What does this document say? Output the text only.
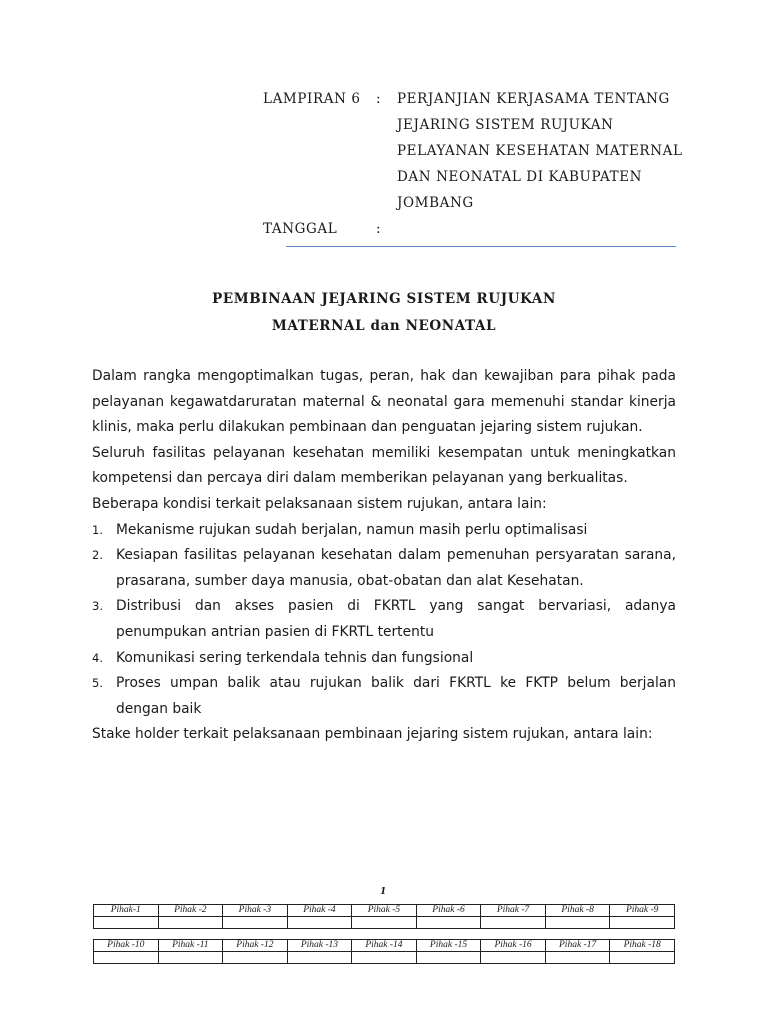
LAMPIRAN 6 : PERJANJIAN KERJASAMA TENTANG
JEJARING SISTEM RUJUKAN
PELAYANAN KESEHATAN MATERNAL
DAN NEONATAL DI KABUPATEN
JOMBANG
TANGGAL	:
PEMBINAAN JEJARING SISTEM RUJUKAN
MATERNAL dan NEONATAL

Dalam rangka mengoptimalkan tugas, peran, hak dan kewajiban para pihak pada pelayanan kegawatdaruratan maternal & neonatal gara memenuhi standar kinerja klinis, maka perlu dilakukan pembinaan dan penguatan jejaring sistem rujukan.

Seluruh fasilitas pelayanan kesehatan memiliki kesempatan untuk meningkatkan kompetensi dan percaya diri dalam memberikan pelayanan yang berkualitas.

Beberapa kondisi terkait pelaksanaan sistem rujukan, antara lain:

1. Mekanisme rujukan sudah berjalan, namun masih perlu optimalisasi
2. Kesiapan fasilitas pelayanan kesehatan dalam pemenuhan persyaratan sarana, prasarana, sumber daya manusia, obat-obatan dan alat Kesehatan.
3. Distribusi dan akses pasien di FKRTL yang sangat bervariasi, adanya penumpukan antrian pasien di FKRTL tertentu
4. Komunikasi sering terkendala tehnis dan fungsional
5. Proses umpan balik atau rujukan balik dari FKRTL ke FKTP belum berjalan dengan baik

Stake holder terkait pelaksanaan pembinaan jejaring sistem rujukan, antara lain:

1
Pihak-1	Pihak -2	Pihak -3	Pihak -4	Pihak -5	Pihak -6	Pihak -7	Pihak -8	Pihak -9

Pihak -10	Pihak -11	Pihak -12	Pihak -13	Pihak -14	Pihak -15	Pihak -16	Pihak -17	Pihak -18
